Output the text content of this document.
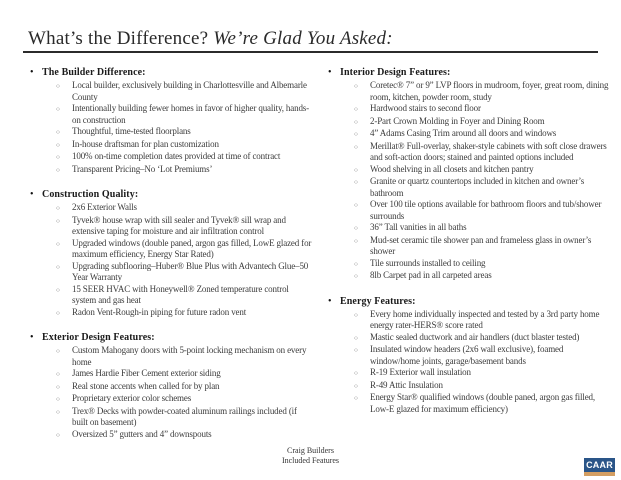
What’s the Difference? We’re Glad You Asked:
• The Builder Difference:
○	Local builder, exclusively building in Charlottesville and Albemarle County
○	Intentionally building fewer homes in favor of higher quality, hands-on construction
○	Thoughtful, time-tested floorplans
○	In-house draftsman for plan customization
○	100% on-time completion dates provided at time of contract
○	Transparent Pricing–No ‘Lot Premiums’
• Construction Quality:
○	2x6 Exterior Walls
○	Tyvek® house wrap with sill sealer and Tyvek® sill wrap and extensive taping for moisture and air infiltration control
○	Upgraded windows (double paned, argon gas filled, LowE glazed for maximum efficiency, Energy Star Rated)
○	Upgrading subflooring–Huber® Blue Plus with Advantech Glue–50 Year Warranty
○	15 SEER HVAC with Honeywell® Zoned temperature control system and gas heat
○	Radon Vent-Rough-in piping for future radon vent
• Exterior Design Features:
○	Custom Mahogany doors with 5-point locking mechanism on every home
○	James Hardie Fiber Cement exterior siding
○	Real stone accents when called for by plan
○	Proprietary exterior color schemes
○	Trex® Decks with powder-coated aluminum railings included (if built on basement)
○	Oversized 5” gutters and 4” downspouts
• Interior Design Features:
○	Coretec® 7” or 9” LVP floors in mudroom, foyer, great room, dining room, kitchen, powder room, study
○	Hardwood stairs to second floor
○	2-Part Crown Molding in Foyer and Dining Room
○	4” Adams Casing Trim around all doors and windows
○	Merillat® Full-overlay, shaker-style cabinets with soft close drawers and soft-action doors; stained and painted options included
○	Wood shelving in all closets and kitchen pantry
○	Granite or quartz countertops included in kitchen and owner’s bathroom
○	Over 100 tile options available for bathroom floors and tub/shower surrounds
○	36” Tall vanities in all baths
○	Mud-set ceramic tile shower pan and frameless glass in owner’s shower
○	Tile surrounds installed to ceiling
○	8lb Carpet pad in all carpeted areas
• Energy Features:
○	Every home individually inspected and tested by a 3rd party home energy rater-HERS® score rated
○	Mastic sealed ductwork and air handlers (duct blaster tested)
○	Insulated window headers (2x6 wall exclusive), foamed window/home joints, garage/basement bands
○	R-19 Exterior wall insulation
○	R-49 Attic Insulation
○	Energy Star® qualified windows (double paned, argon gas filled, Low-E glazed for maximum efficiency)
Craig Builders
Included Features	CAAR
